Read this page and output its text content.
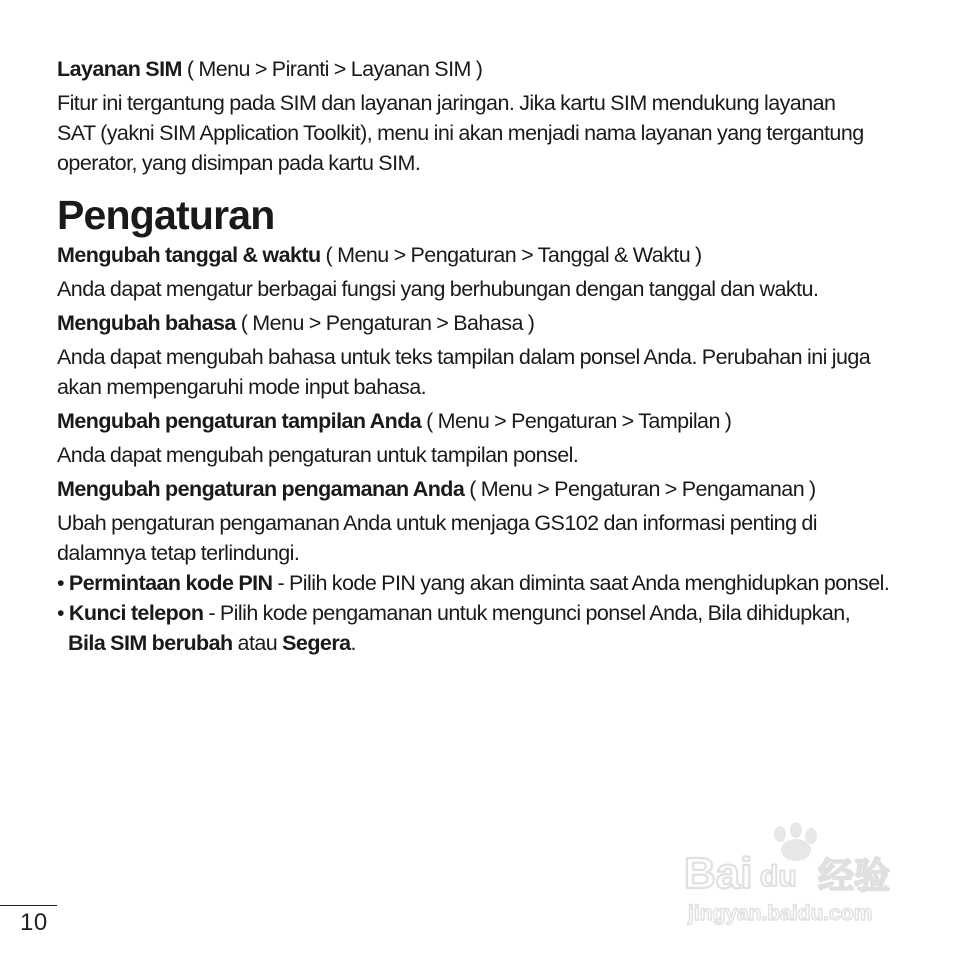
Layanan SIM ( Menu > Piranti > Layanan SIM )

Fitur ini tergantung pada SIM dan layanan jaringan. Jika kartu SIM mendukung layanan
SAT (yakni SIM Application Toolkit), menu ini akan menjadi nama layanan yang tergantung
operator, yang disimpan pada kartu SIM.

Pengaturan

Mengubah tanggal & waktu ( Menu > Pengaturan > Tanggal & Waktu )

Anda dapat mengatur berbagai fungsi yang berhubungan dengan tanggal dan waktu.

Mengubah bahasa ( Menu > Pengaturan > Bahasa )

Anda dapat mengubah bahasa untuk teks tampilan dalam ponsel Anda. Perubahan ini juga
akan mempengaruhi mode input bahasa.

Mengubah pengaturan tampilan Anda ( Menu > Pengaturan > Tampilan )

Anda dapat mengubah pengaturan untuk tampilan ponsel.

Mengubah pengaturan pengamanan Anda ( Menu > Pengaturan > Pengamanan )

Ubah pengaturan pengamanan Anda untuk menjaga GS102 dan informasi penting di
dalamnya tetap terlindungi.

• Permintaan kode PIN - Pilih kode PIN yang akan diminta saat Anda menghidupkan ponsel.

• Kunci telepon - Pilih kode pengamanan untuk mengunci ponsel Anda, Bila dihidupkan,
Bila SIM berubah atau Segera.

10
Bai du 经验
jingyan.baidu.com
